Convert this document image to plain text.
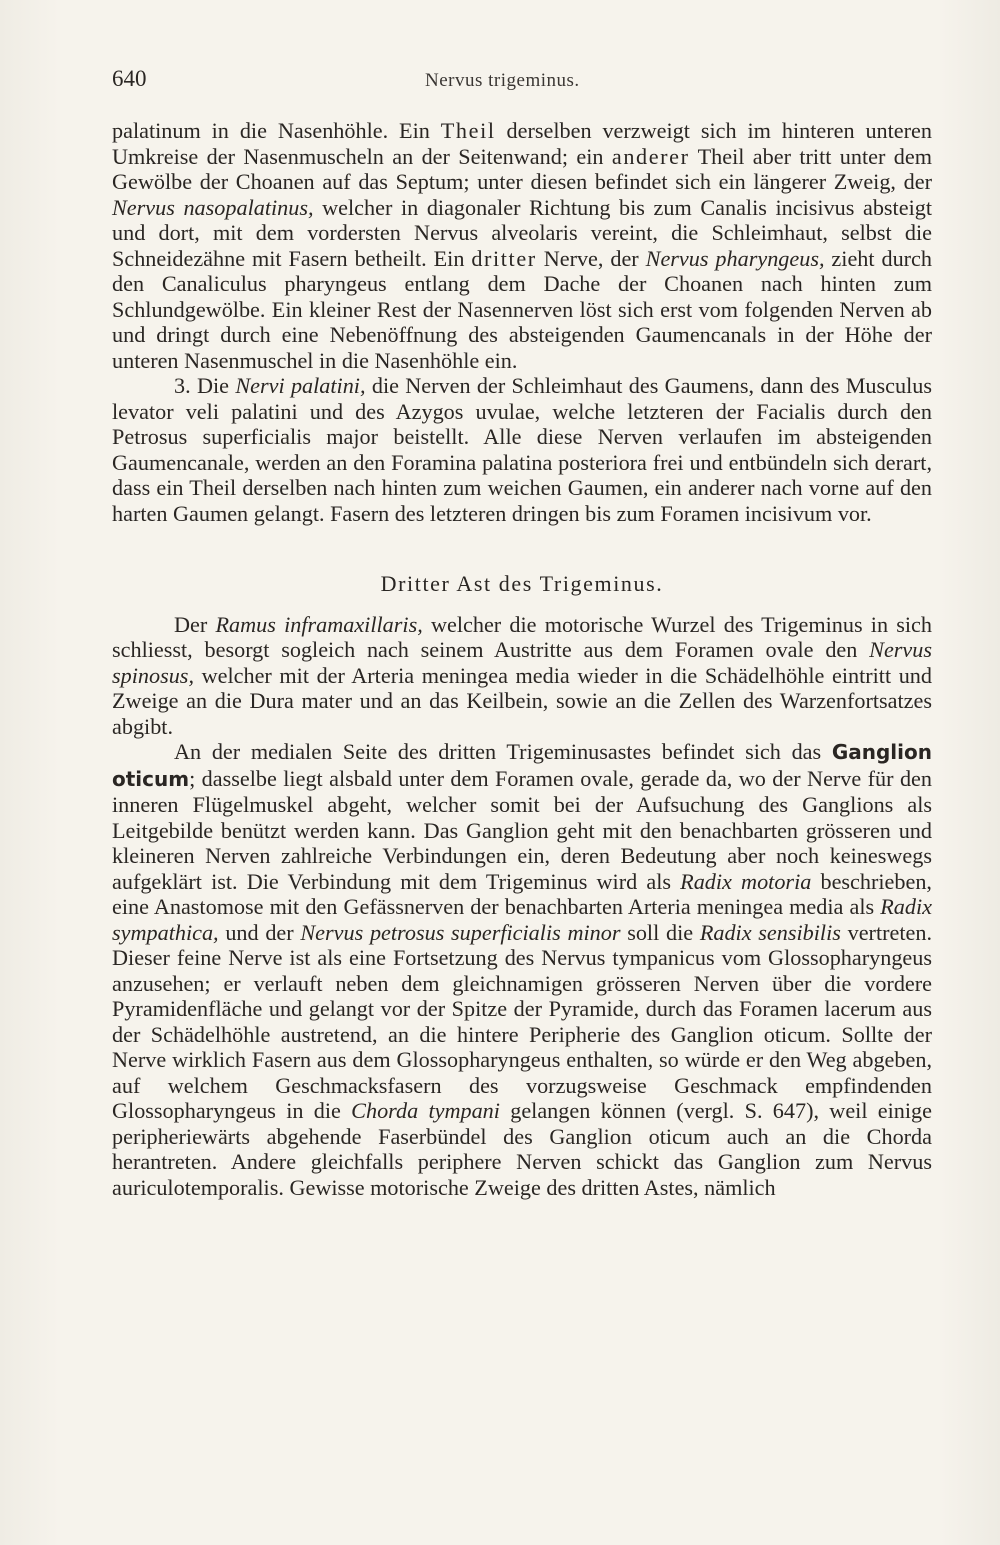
640	Nervus trigeminus.

palatinum in die Nasenhöhle. Ein Theil derselben verzweigt sich im hinteren unteren Umkreise der Nasenmuscheln an der Seitenwand; ein anderer Theil aber tritt unter dem Gewölbe der Choanen auf das Septum; unter diesen befindet sich ein längerer Zweig, der Nervus nasopalatinus, welcher in diagonaler Richtung bis zum Canalis incisivus absteigt und dort, mit dem vordersten Nervus alveolaris vereint, die Schleimhaut, selbst die Schneidezähne mit Fasern betheilt. Ein dritter Nerve, der Nervus pharyngeus, zieht durch den Canaliculus pharyngeus entlang dem Dache der Choanen nach hinten zum Schlundgewölbe. Ein kleiner Rest der Nasennerven löst sich erst vom folgenden Nerven ab und dringt durch eine Nebenöffnung des absteigenden Gaumencanals in der Höhe der unteren Nasenmuschel in die Nasenhöhle ein.

3. Die Nervi palatini, die Nerven der Schleimhaut des Gaumens, dann des Musculus levator veli palatini und des Azygos uvulae, welche letzteren der Facialis durch den Petrosus superficialis major beistellt. Alle diese Nerven verlaufen im absteigenden Gaumencanale, werden an den Foramina palatina posteriora frei und entbündeln sich derart, dass ein Theil derselben nach hinten zum weichen Gaumen, ein anderer nach vorne auf den harten Gaumen gelangt. Fasern des letzteren dringen bis zum Foramen incisivum vor.

Dritter Ast des Trigeminus.

Der Ramus inframaxillaris, welcher die motorische Wurzel des Trigeminus in sich schliesst, besorgt sogleich nach seinem Austritte aus dem Foramen ovale den Nervus spinosus, welcher mit der Arteria meningea media wieder in die Schädelhöhle eintritt und Zweige an die Dura mater und an das Keilbein, sowie an die Zellen des Warzenfortsatzes abgibt.

An der medialen Seite des dritten Trigeminusastes befindet sich das Ganglion oticum; dasselbe liegt alsbald unter dem Foramen ovale, gerade da, wo der Nerve für den inneren Flügelmuskel abgeht, welcher somit bei der Aufsuchung des Ganglions als Leitgebilde benützt werden kann. Das Ganglion geht mit den benachbarten grösseren und kleineren Nerven zahlreiche Verbindungen ein, deren Bedeutung aber noch keineswegs aufgeklärt ist. Die Verbindung mit dem Trigeminus wird als Radix motoria beschrieben, eine Anastomose mit den Gefässnerven der benachbarten Arteria meningea media als Radix sympathica, und der Nervus petrosus superficialis minor soll die Radix sensibilis vertreten. Dieser feine Nerve ist als eine Fortsetzung des Nervus tympanicus vom Glossopharyngeus anzusehen; er verlauft neben dem gleichnamigen grösseren Nerven über die vordere Pyramidenfläche und gelangt vor der Spitze der Pyramide, durch das Foramen lacerum aus der Schädelhöhle austretend, an die hintere Peripherie des Ganglion oticum. Sollte der Nerve wirklich Fasern aus dem Glossopharyngeus enthalten, so würde er den Weg abgeben, auf welchem Geschmacksfasern des vorzugsweise Geschmack empfindenden Glossopharyngeus in die Chorda tympani gelangen können (vergl. S. 647), weil einige peripheriewärts abgehende Faserbündel des Ganglion oticum auch an die Chorda herantreten. Andere gleichfalls periphere Nerven schickt das Ganglion zum Nervus auriculotemporalis. Gewisse motorische Zweige des dritten Astes, nämlich
